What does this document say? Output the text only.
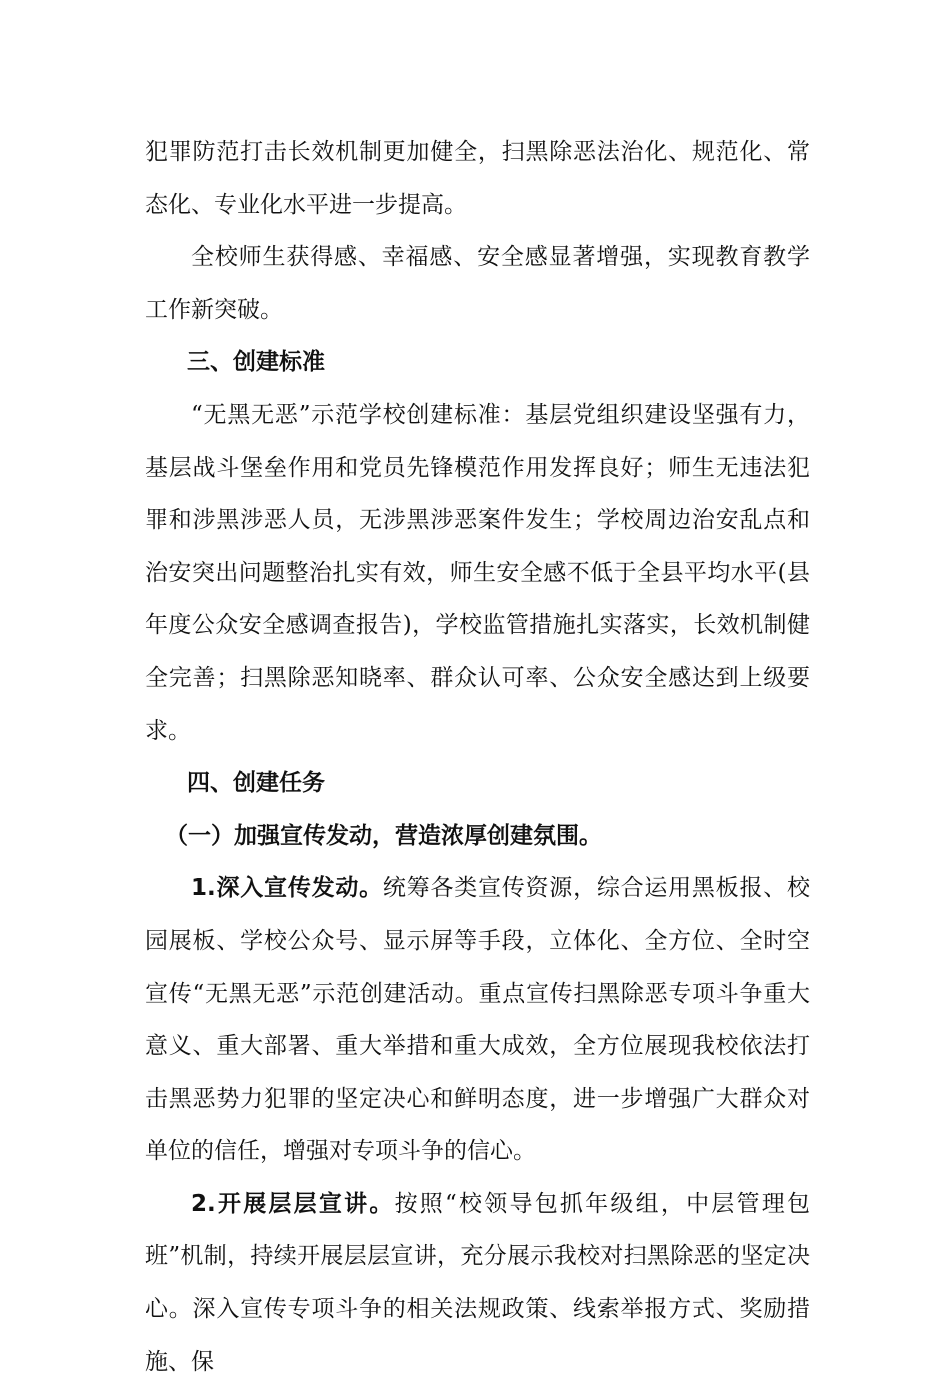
犯罪防范打击长效机制更加健全，扫黑除恶法治化、规范化、常态化、专业化水平进一步提高。

全校师生获得感、幸福感、安全感显著增强，实现教育教学工作新突破。

三、创建标准

“无黑无恶”示范学校创建标准：基层党组织建设坚强有力，基层战斗堡垒作用和党员先锋模范作用发挥良好；师生无违法犯罪和涉黑涉恶人员，无涉黑涉恶案件发生；学校周边治安乱点和治安突出问题整治扎实有效，师生安全感不低于全县平均水平(县年度公众安全感调查报告)，学校监管措施扎实落实，长效机制健全完善；扫黑除恶知晓率、群众认可率、公众安全感达到上级要求。

四、创建任务

（一）加强宣传发动，营造浓厚创建氛围。

1.深入宣传发动。统筹各类宣传资源，综合运用黑板报、校园展板、学校公众号、显示屏等手段，立体化、全方位、全时空宣传“无黑无恶”示范创建活动。重点宣传扫黑除恶专项斗争重大意义、重大部署、重大举措和重大成效，全方位展现我校依法打击黑恶势力犯罪的坚定决心和鲜明态度，进一步增强广大群众对单位的信任，增强对专项斗争的信心。

2.开展层层宣讲。按照“校领导包抓年级组，中层管理包班”机制，持续开展层层宣讲，充分展示我校对扫黑除恶的坚定决心。深入宣传专项斗争的相关法规政策、线索举报方式、奖励措施、保
